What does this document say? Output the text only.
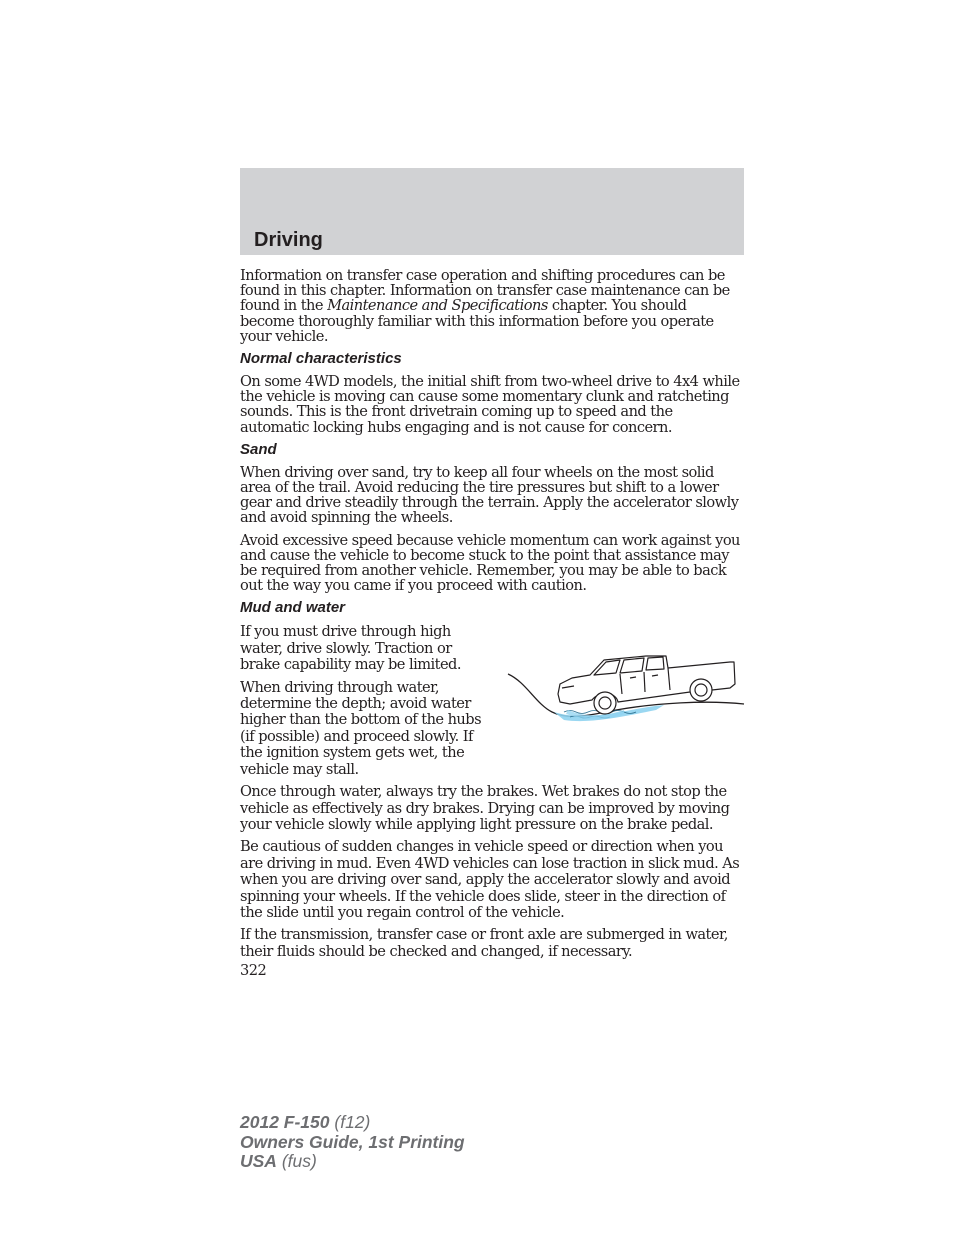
Driving

Information on transfer case operation and shifting procedures can be
found in this chapter. Information on transfer case maintenance can be
found in the Maintenance and Specifications chapter. You should
become thoroughly familiar with this information before you operate
your vehicle.

Normal characteristics

On some 4WD models, the initial shift from two-wheel drive to 4x4 while
the vehicle is moving can cause some momentary clunk and ratcheting
sounds. This is the front drivetrain coming up to speed and the
automatic locking hubs engaging and is not cause for concern.

Sand

When driving over sand, try to keep all four wheels on the most solid
area of the trail. Avoid reducing the tire pressures but shift to a lower
gear and drive steadily through the terrain. Apply the accelerator slowly
and avoid spinning the wheels.

Avoid excessive speed because vehicle momentum can work against you
and cause the vehicle to become stuck to the point that assistance may
be required from another vehicle. Remember, you may be able to back
out the way you came if you proceed with caution.

Mud and water

If you must drive through high
water, drive slowly. Traction or
brake capability may be limited.

When driving through water,
determine the depth; avoid water
higher than the bottom of the hubs
(if possible) and proceed slowly. If
the ignition system gets wet, the
vehicle may stall.

Once through water, always try the brakes. Wet brakes do not stop the
vehicle as effectively as dry brakes. Drying can be improved by moving
your vehicle slowly while applying light pressure on the brake pedal.

Be cautious of sudden changes in vehicle speed or direction when you
are driving in mud. Even 4WD vehicles can lose traction in slick mud. As
when you are driving over sand, apply the accelerator slowly and avoid
spinning your wheels. If the vehicle does slide, steer in the direction of
the slide until you regain control of the vehicle.

If the transmission, transfer case or front axle are submerged in water,
their fluids should be checked and changed, if necessary.

322

2012 F-150 (f12)
Owners Guide, 1st Printing
USA (fus)
